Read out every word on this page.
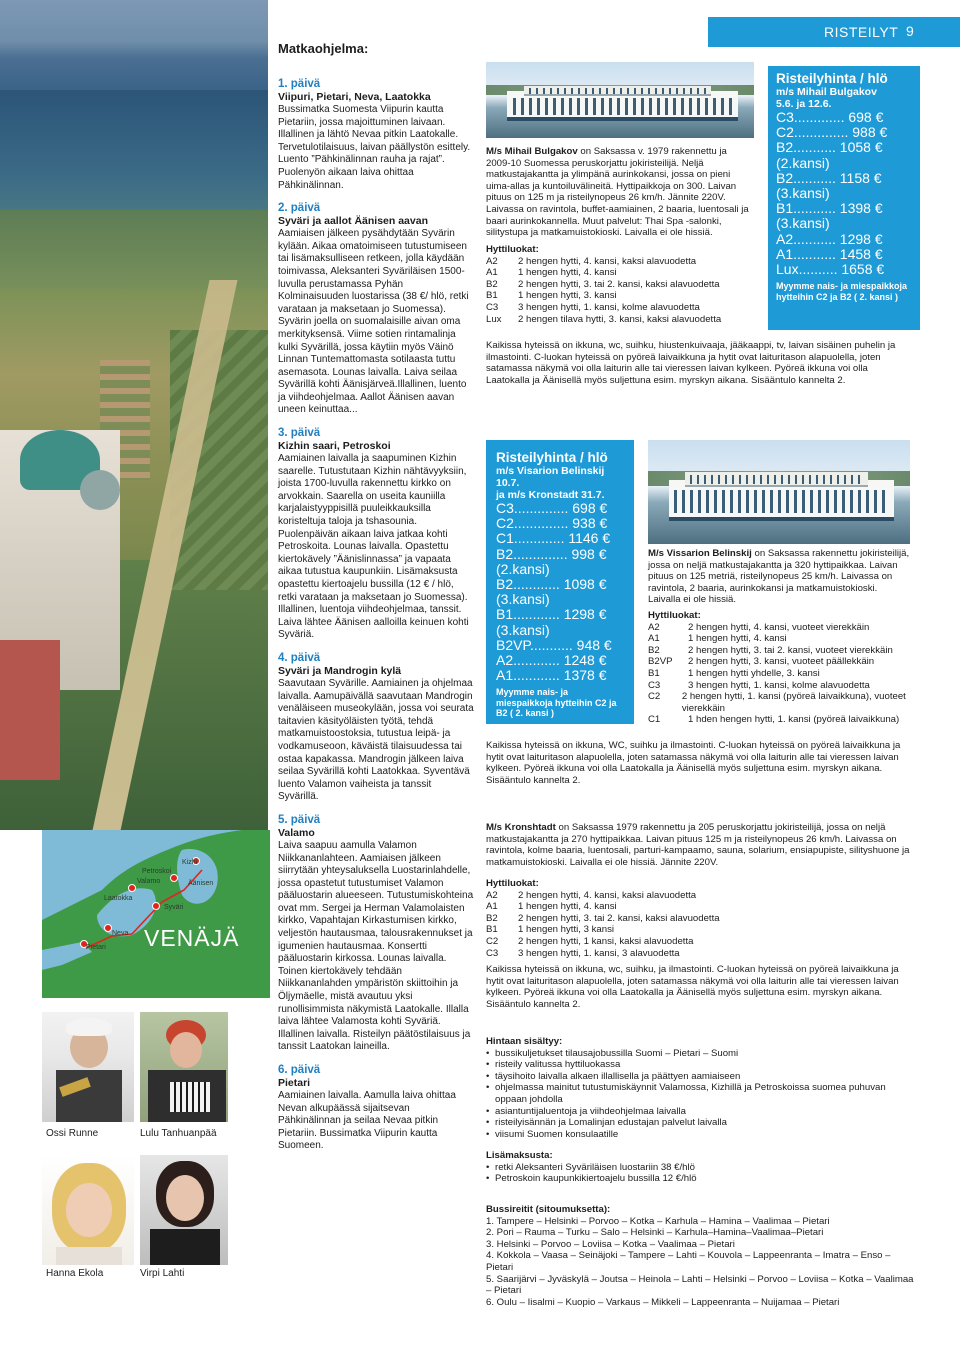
Kizhi
Petroskoi
Valamo	Äänisen
Laatokka
Syväri
Neva
Pietari VENÄJÄ
Ossi Runne	Lulu Tanhuanpää
Hanna Ekola	Virpi Lahti
RISTEILYT 9
Matkaohjelma:
1. päivä
Viipuri, Pietari, Neva, Laatokka

Bussimatka Suomesta Viipurin kautta Pietariin, jossa majoittuminen laivaan. Illallinen ja lähtö Nevaa pitkin Laatokalle. Tervetulotilaisuus, laivan päällystön esittely. Luento ”Pähkinälinnan rauha ja rajat”. Puolenyön aikaan laiva ohittaa Pähkinälinnan.

2. päivä
Syväri ja aallot Äänisen aavan

Aamiaisen jälkeen pysähdytään Syvärin kylään. Aikaa omatoimiseen tutustumiseen tai lisämaksulliseen retkeen, jolla käydään toimivassa, Aleksanteri Syväriläisen 1500-luvulla perustamassa Pyhän Kolminaisuuden luostarissa (38 €/ hlö, retki varataan ja maksetaan jo Suomessa). Syvärin joella on suomalaisille aivan oma merkityksensä. Viime sotien rintamalinja kulki Syvärillä, jossa käytiin myös Väinö Linnan Tuntemattomasta sotilaasta tuttu asemasota. Lounas laivalla. Laiva seilaa Syvärillä kohti Äänisjärveä.Illallinen, luento ja viihdeohjelmaa. Aallot Äänisen aavan uneen keinuttaa...

3. päivä
Kizhin saari, Petroskoi

Aamiainen laivalla ja saapuminen Kizhin saarelle. Tutustutaan Kizhin nähtävyyksiin, joista 1700-luvulla rakennettu kirkko on arvokkain. Saarella on useita kauniilla karjalaistyyppisillä puuleikkauksilla koristeltuja taloja ja tshasounia. Puolenpäivän aikaan laiva jatkaa kohti Petroskoita. Lounas laivalla. Opastettu kiertokävely ”Äänislinnassa” ja vapaata aikaa tutustua kaupunkiin. Lisämaksusta opastettu kiertoajelu bussilla (12 € / hlö, retki varataan ja maksetaan jo Suomessa). Illallinen, luentoja viihdeohjelmaa, tanssit. Laiva lähtee Äänisen aalloilla keinuen kohti Syväriä.

4. päivä
Syväri ja Mandrogin kylä

Saavutaan Syvärille. Aamiainen ja ohjelmaa laivalla. Aamupäivällä saavutaan Mandrogin venäläiseen museokylään, jossa voi seurata taitavien käsityöläisten työtä, tehdä matkamuistoostoksia, tutustua leipä- ja vodkamuseoon, käväistä tilaisuudessa tai ostaa kapakassa. Mandrogin jälkeen laiva seilaa Syvärillä kohti Laatokkaa. Syventävä luento Valamon vaiheista ja tanssit Syvärillä.

5. päivä
Valamo

Laiva saapuu aamulla Valamon Niikkananlahteen. Aamiaisen jälkeen siirrytään yhteysaluksella Luostarinlahdelle, jossa opastetut tutustumiset Valamon pääluostarin alueeseen. Tutustumiskohteina ovat mm. Sergei ja Herman Valamolaisten kirkko, Vapahtajan Kirkastumisen kirkko, veljestön hautausmaa, talousrakennukset ja igumenien hautausmaa. Konsertti pääluostarin kirkossa. Lounas laivalla. Toinen kiertokävely tehdään Niikkananlahden ympäristön skiittoihin ja Öljymäelle, mistä avautuu yksi runollisimmista näkymistä Laatokalle. Illalla laiva lähtee Valamosta kohti Syväriä. Illallinen laivalla. Risteilyn päätöstilaisuus ja tanssit Laatokan laineilla.

6. päivä
Pietari

Aamiainen laivalla. Aamulla laiva ohittaa Nevan alkupäässä sijaitsevan Pähkinälinnan ja seilaa Nevaa pitkin Pietariin. Bussimatka Viipurin kautta Suomeen.

M/s Mihail Bulgakov on Saksassa v. 1979 rakennettu ja 2009-10 Suomessa peruskorjattu jokiristeilijä. Neljä matkustajakantta ja ylimpänä aurinkokansi, jossa on pieni uima-allas ja kuntoiluvälineitä. Hyttipaikkoja on 300. Laivan pituus on 125 m ja risteilynopeus 26 km/h. Jännite 220V. Laivassa on ravintola, buffet-aamiainen, 2 baaria, luentosali ja baari aurinkokannella. Muut palvelut: Thai Spa -salonki, silitystupa ja matkamuistokioski. Laivalla ei ole hissiä.
Hyttiluokat:
A2	2 hengen hytti, 4. kansi, kaksi alavuodetta
A1	1 hengen hytti, 4. kansi
B2	2 hengen hytti, 3. tai 2. kansi, kaksi alavuodetta
B1	1 hengen hytti, 3. kansi
C3	3 hengen hytti, 1. kansi, kolme alavuodetta
Lux	2 hengen tilava hytti, 3. kansi, kaksi alavuodetta
Kaikissa hyteissä on ikkuna, wc, suihku, hiustenkuivaaja, jääkaappi, tv, laivan sisäinen puhelin ja ilmastointi. C-luokan hyteissä on pyöreä laivaikkuna ja hytit ovat laituritason alapuolella, joten satamassa näkymä voi olla laiturin alle tai vieressen laivan kylkeen. Pyöreä ikkuna voi olla Laatokalla ja Äänisellä myös suljettuna esim. myrskyn aikana. Sisääntulo kannelta 2.
Risteilyhinta / hlö
m/s Mihail Bulgakov
5.6. ja 12.6.
C3............. 698 €
C2.............. 988 €
B2........... 1058 €
(2.kansi)
B2........... 1158 €
(3.kansi)
B1........... 1398 €
(3.kansi)
A2........... 1298 €
A1........... 1458 €
Lux.......... 1658 €
Myymme nais- ja miespaikkoja hytteihin C2 ja B2 ( 2. kansi )
Risteilyhinta / hlö
m/s Visarion Belinskij 10.7.
ja m/s Kronstadt 31.7.
C3.............. 698 €
C2.............. 938 €
C1............. 1146 €
B2.............. 998 €
(2.kansi)
B2............ 1098 €
(3.kansi)
B1............ 1298 €
(3.kansi)
B2VP........... 948 €
A2............ 1248 €
A1............ 1378 €
Myymme nais- ja miespaikkoja hytteihin C2 ja B2 ( 2. kansi )
M/s Vissarion Belinskij on Saksassa rakennettu jokiristeilijä, jossa on neljä matkustajakantta ja 320 hyttipaikkaa. Laivan pituus on 125 metriä, risteilynopeus 25 km/h. Laivassa on ravintola, 2 baaria, aurinkokansi ja matkamuistokioski. Laivalla ei ole hissiä.
Hyttiluokat:
A2	2 hengen hytti, 4. kansi, vuoteet vierekkäin
A1	1 hengen hytti, 4. kansi
B2	2 hengen hytti, 3. tai 2. kansi, vuoteet vierekkäin
B2VP	2 hengen hytti, 3. kansi, vuoteet päällekkäin
B1	1 hengen hytti yhdelle, 3. kansi
C3	3 hengen hytti, 1. kansi, kolme alavuodetta
C2	2 hengen hytti, 1. kansi (pyöreä laivaikkuna), vuoteet vierekkäin
C1	1 hden hengen hytti, 1. kansi (pyöreä laivaikkuna)
Kaikissa hyteissä on ikkuna, WC, suihku ja ilmastointi. C-luokan hyteissä on pyöreä laivaikkuna ja hytit ovat laituritason alapuolella, joten satamassa näkymä voi olla laiturin alle tai vieressen laivan kylkeen. Pyöreä ikkuna voi olla Laatokalla ja Äänisellä myös suljettuna esim. myrskyn aikana. Sisääntulo kannelta 2.
M/s Kronshtadt on Saksassa 1979 rakennettu ja 205 peruskorjattu jokiristeilijä, jossa on neljä matkustajakantta ja 270 hyttipaikkaa. Laivan pituus 125 m ja risteilynopeus 26 km/h. Laivassa on ravintola, kolme baaria, luentosali, parturi-kampaamo, sauna, solarium, ensiapupiste, silityshuone ja matkamuistokioski. Laivalla ei ole hissiä. Jännite 220V.
Hyttiluokat:
A2	2 hengen hytti, 4. kansi, kaksi alavuodetta
A1	1 hengen hytti, 4. kansi
B2	2 hengen hytti, 3. tai 2. kansi, kaksi alavuodetta
B1	1 hengen hytti, 3 kansi
C2	2 hengen hytti, 1 kansi, kaksi alavuodetta
C3	3 hengen hytti, 1. kansi, 3 alavuodetta
Kaikissa hyteissä on ikkuna, wc, suihku, ja ilmastointi. C-luokan hyteissä on pyöreä laivaikkuna ja hytit ovat laituritason alapuolella, joten satamassa näkymä voi olla laiturin alle tai vieressen laivan kylkeen. Pyöreä ikkuna voi olla Laatokalla ja Äänisellä myös suljettuna esim. myrskyn aikana. Sisääntulo kannelta 2.
Hintaan sisältyy:
• bussikuljetukset tilausajobussilla Suomi – Pietari – Suomi
• risteily valitussa hyttiluokassa
• täysihoito laivalla alkaen illallisella ja päättyen aamiaiseen
• ohjelmassa mainitut tutustumiskäynnit Valamossa, Kizhillä ja Petroskoissa suomea puhuvan oppaan johdolla
• asiantuntijaluentoja ja viihdeohjelmaa laivalla
• risteilyisännän ja Lomalinjan edustajan palvelut laivalla
• viisumi Suomen konsulaatille
Lisämaksusta:
• retki Aleksanteri Syväriläisen luostariin 38 €/hlö
• Petroskoin kaupunkikiertoajelu bussilla 12 €/hlö
Bussireitit (sitoumuksetta):
1. Tampere – Helsinki – Porvoo – Kotka – Karhula – Hamina – Vaalimaa – Pietari
2. Pori – Rauma – Turku – Salo – Helsinki – Karhula–Hamina–Vaalimaa–Pietari
3. Helsinki – Porvoo – Loviisa – Kotka – Vaalimaa – Pietari
4. Kokkola – Vaasa – Seinäjoki – Tampere – Lahti – Kouvola – Lappeenranta – Imatra – Enso – Pietari
5. Saarijärvi – Jyväskylä – Joutsa – Heinola – Lahti – Helsinki – Porvoo – Loviisa – Kotka – Vaalimaa – Pietari
6. Oulu – Iisalmi – Kuopio – Varkaus – Mikkeli – Lappeenranta – Nuijamaa – Pietari
